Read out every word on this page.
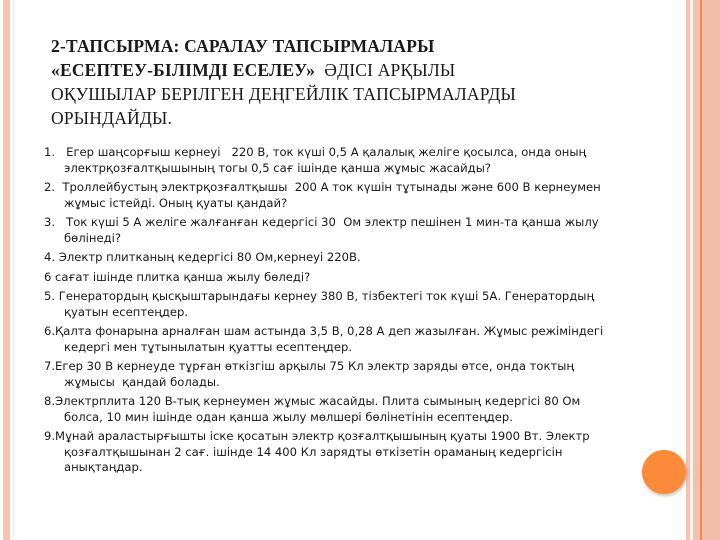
2-ТАПСЫРМА: САРАЛАУ ТАПСЫРМАЛАРЫ
«ЕСЕПТЕУ-БІЛІМДІ ЕСЕЛЕУ»  ӘДІСІ АРҚЫЛЫ
ОҚУШЫЛАР БЕРІЛГЕН ДЕҢГЕЙЛІК ТАПСЫРМАЛАРДЫ
ОРЫНДАЙДЫ.
1.   Егер шаңсорғыш кернеуі   220 В, ток күші 0,5 А қалалық желіге қосылса, онда оның
электрқозғалтқышының тогы 0,5 сағ ішінде қанша жұмыс жасайды?
2.  Троллейбустың электрқозғалтқышы  200 А ток күшін тұтынады және 600 В кернеумен
жұмыс істейді. Оның қуаты қандай?
3.   Ток күші 5 А желіге жалғанған кедергісі 30  Ом электр пешінен 1 мин-та қанша жылу
бөлінеді?
4. Электр плитканың кедергісі 80 Ом,кернеуі 220В.
6 сағат ішінде плитка қанша жылу бөледі?
5. Генератордың қысқыштарындағы кернеу 380 В, тізбектегі ток күші 5А. Генератордың
қуатын есептеңдер.
6.Қалта фонарына арналған шам астында 3,5 В, 0,28 А деп жазылған. Жұмыс режіміндегі
кедергі мен тұтынылатын қуатты есептеңдер.
7.Егер 30 В кернеуде тұрған өткізгіш арқылы 75 Кл электр заряды өтсе, онда токтың
жұмысы  қандай болады.
8.Электрплита 120 В-тық кернеумен жұмыс жасайды. Плита сымының кедергісі 80 Ом
болса, 10 мин ішінде одан қанша жылу мөлшері бөлінетінін есептеңдер.
9.Мұнай араластырғышты іске қосатын электр қозғалтқышының қуаты 1900 Вт. Электр
қозғалтқышынан 2 сағ. ішінде 14 400 Кл зарядты өткізетін ораманың кедергісін
анықтаңдар.
